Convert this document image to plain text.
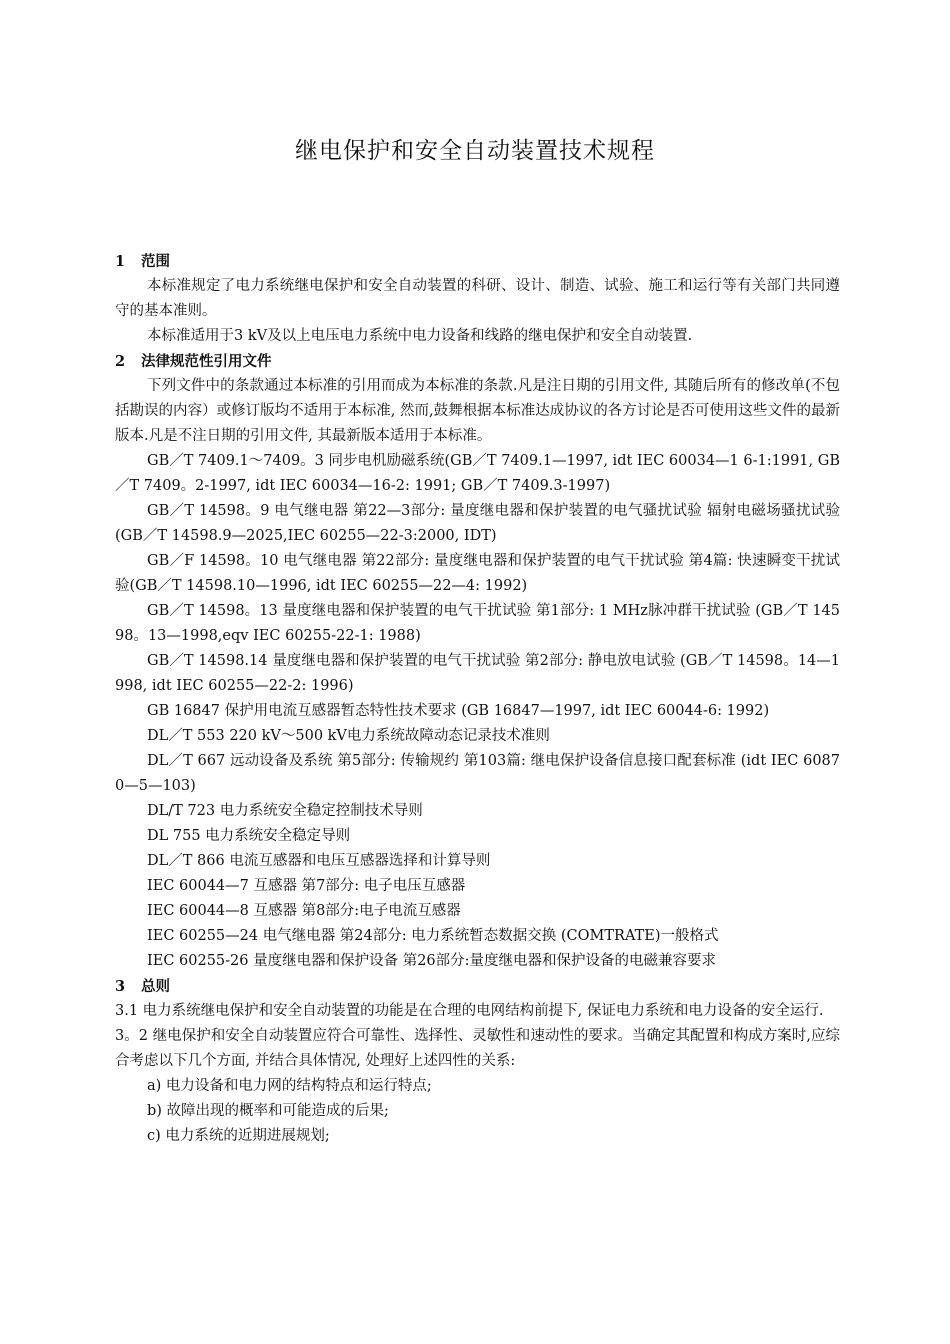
继电保护和安全自动装置技术规程

1 范围

本标准规定了电力系统继电保护和安全自动装置的科研、设计、制造、试验、施工和运行等有关部门共同遵守的基本准则。

本标准适用于3 kV及以上电压电力系统中电力设备和线路的继电保护和安全自动装置.

2 法律规范性引用文件

下列文件中的条款通过本标准的引用而成为本标准的条款.凡是注日期的引用文件, 其随后所有的修改单(不包括勘误的内容）或修订版均不适用于本标准, 然而,鼓舞根据本标准达成协议的各方讨论是否可使用这些文件的最新版本.凡是不注日期的引用文件, 其最新版本适用于本标准。

GB／T 7409.1～7409。3 同步电机励磁系统(GB／T 7409.1—1997, idt IEC 60034—1 6-1:1991, GB／T 7409。2-1997, idt IEC 60034—16-2: 1991; GB／T 7409.3-1997)

GB／T 14598。9 电气继电器 第22—3部分: 量度继电器和保护装置的电气骚扰试验 辐射电磁场骚扰试验 (GB／T 14598.9—2025,IEC 60255—22-3:2000, IDT)

GB／F 14598。10 电气继电器 第22部分: 量度继电器和保护装置的电气干扰试验 第4篇: 快速瞬变干扰试验(GB／T 14598.10—1996, idt IEC 60255—22—4: 1992)

GB／T 14598。13 量度继电器和保护装置的电气干扰试验 第1部分: 1 MHz脉冲群干扰试验 (GB／T 14598。13—1998,eqv IEC 60255-22-1: 1988)

GB／T 14598.14 量度继电器和保护装置的电气干扰试验 第2部分: 静电放电试验 (GB／T 14598。14—1998, idt IEC 60255—22-2: 1996)

GB 16847 保护用电流互感器暂态特性技术要求 (GB 16847—1997, idt IEC 60044-6: 1992)

DL／T 553 220 kV～500 kV电力系统故障动态记录技术准则

DL／T 667 远动设备及系统 第5部分: 传输规约 第103篇: 继电保护设备信息接口配套标准 (idt IEC 60870—5—103)

DL/T 723 电力系统安全稳定控制技术导则

DL 755 电力系统安全稳定导则

DL／T 866 电流互感器和电压互感器选择和计算导则

IEC 60044—7 互感器 第7部分: 电子电压互感器

IEC 60044—8 互感器 第8部分:电子电流互感器

IEC 60255—24 电气继电器 第24部分: 电力系统暂态数据交换 (COMTRATE)一般格式

IEC 60255-26 量度继电器和保护设备 第26部分:量度继电器和保护设备的电磁兼容要求

3 总则

3.1 电力系统继电保护和安全自动装置的功能是在合理的电网结构前提下, 保证电力系统和电力设备的安全运行.

3。2 继电保护和安全自动装置应符合可靠性、选择性、灵敏性和速动性的要求。当确定其配置和构成方案时,应综合考虑以下几个方面, 并结合具体情况, 处理好上述四性的关系:

a) 电力设备和电力网的结构特点和运行特点;

b) 故障出现的概率和可能造成的后果;

c) 电力系统的近期进展规划;
